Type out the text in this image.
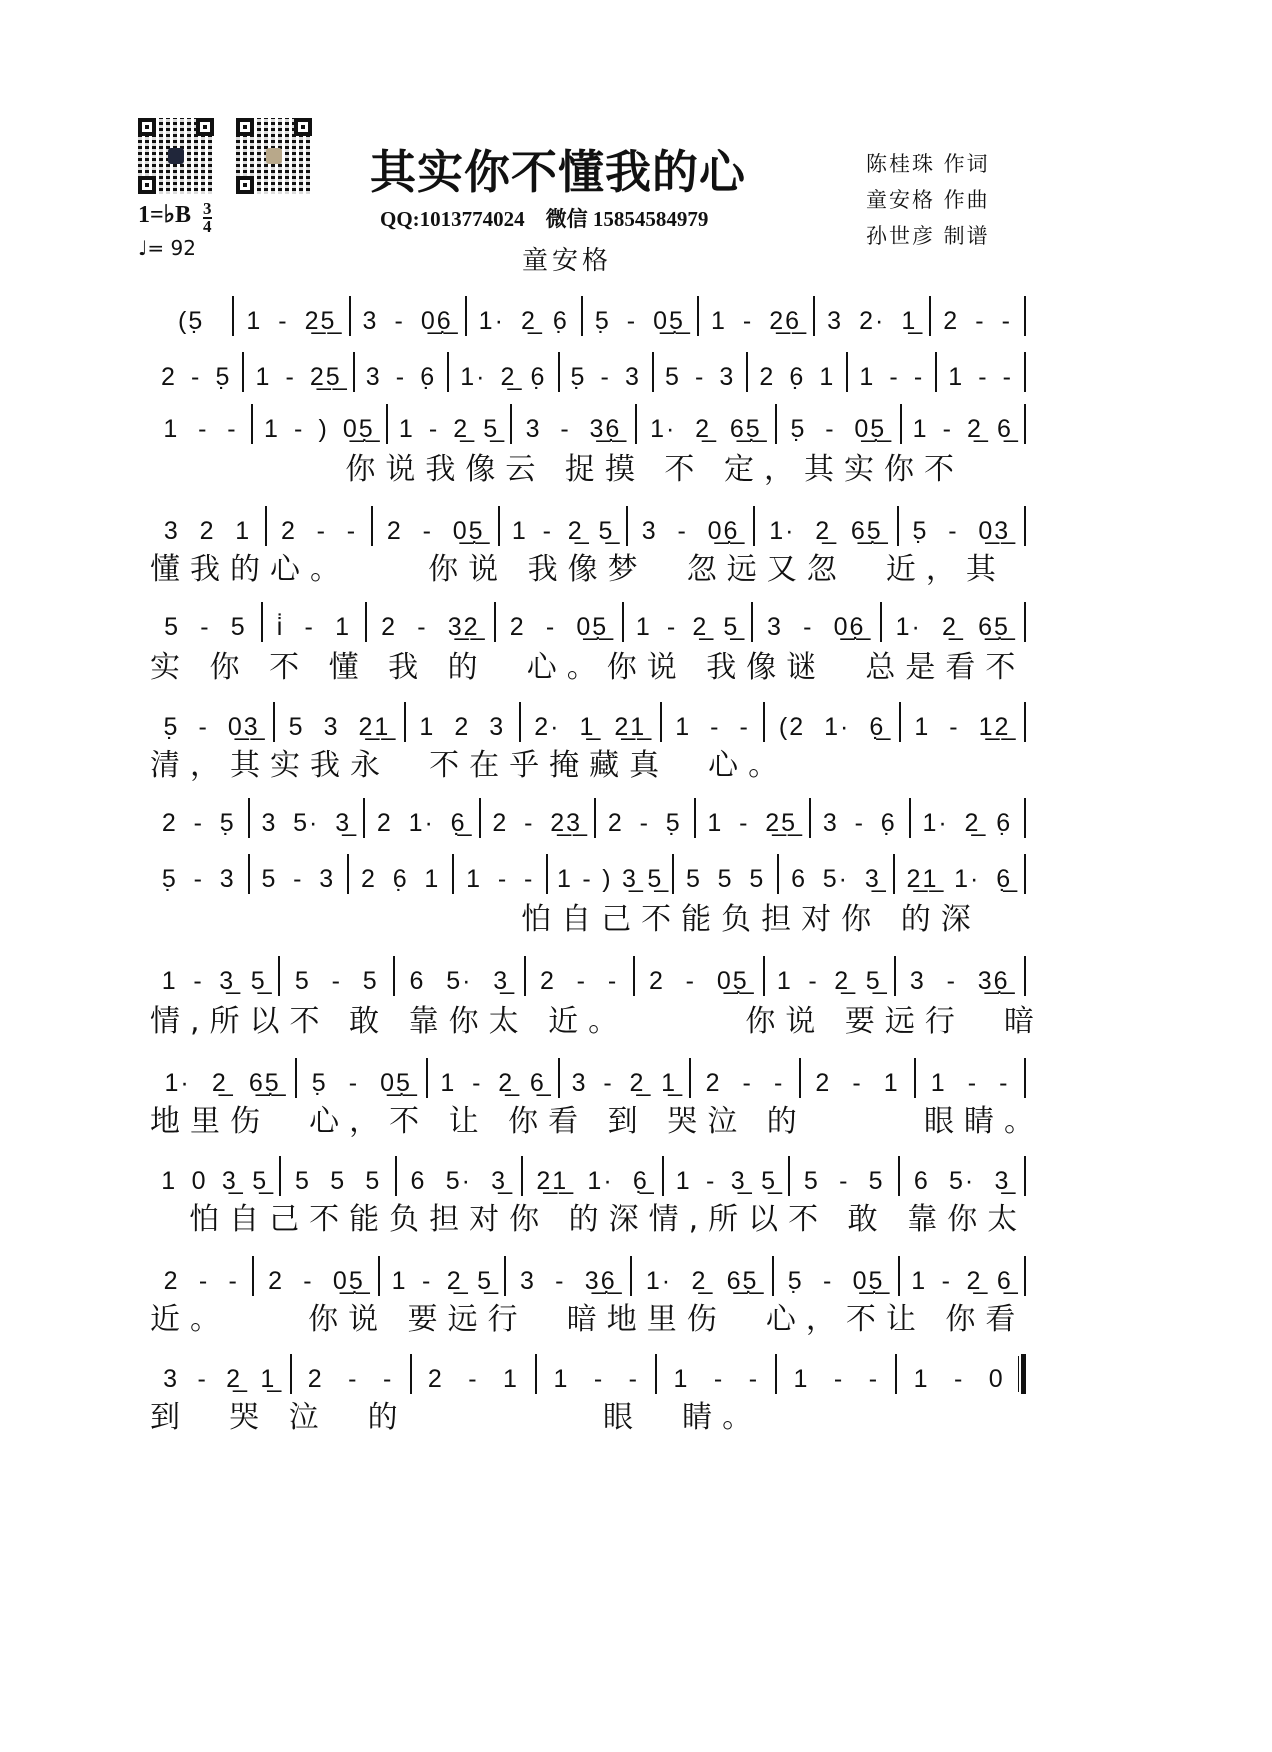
其实你不懂我的心
QQ:1013774024    微信 15854584979
童安格
陈桂珠 作词
童安格 作曲
孙世彦 制谱
1=♭B $\frac{3}{4}$
♩= 92
(5̣ 1 - 2̲5̲ 3 - 0̲6̲̣ 1· 2̲ 6̣ 5̣ - 0̲5̲̣ 1 - 2̲6̲ 3 2· 1̲ 2 - -
2 - 5̣ 1 - 2̲5̲ 3 - 6̣ 1· 2̲ 6̣ 5̣ - 3 5 - 3 2 6̣ 1 1 - - 1 - -
1 - - 1 - ) 0̲5̲̣ 1 - 2̲ 5̲ 3 - 3̲6̲̣ 1· 2̲ 6̲5̲̣̣ 5̣ - 0̲5̲̣ 1 - 2̲ 6̲
你说我像云 捉摸 不 定，其实你不
3 2 1 2 - - 2 - 0̲5̲̣ 1 - 2̲ 5̲ 3 - 0̲6̲̣ 1· 2̲ 6̲5̲̣̣ 5̣ - 0̲3̲
懂我的心。    你说 我像梦  忽远又忽  近，其
5 - 5 i̇ - 1 2 - 3̲2̲ 2 - 0̲5̲̣ 1 - 2̲ 5̲ 3 - 0̲6̲̣ 1· 2̲ 6̲5̲̣̣
实 你 不 懂 我 的  心。你说 我像谜  总是看不
5̣ - 0̲3̲ 5 3 2̲1̲ 1 2 3 2· 1̲ 2̲1̲ 1 - - (2 1· 6̣̲ 1 - 1̲2̲
清，其实我永  不在乎掩藏真  心。
2 - 5̣ 3 5· 3̲ 2 1· 6̣̲ 2 - 2̲3̲ 2 - 5̣ 1 - 2̲5̲ 3 - 6̣ 1· 2̲ 6̣
5̣ - 3 5 - 3 2 6̣ 1 1 - - 1 - ) 3̲ 5̲ 5 5 5 6 5· 3̲ 2̲1̲ 1· 6̣̲
怕自己不能负担对你 的深
1 - 3̲ 5̲ 5 - 5 6 5· 3̲ 2 - - 2 - 0̲5̲̣ 1 - 2̲ 5̲ 3 - 3̲6̲̣
情,所以不 敢 靠你太 近。      你说 要远行  暗
1· 2̲ 6̲5̲̣̣ 5̣ - 0̲5̲̣ 1 - 2̲ 6̲ 3 - 2̲ 1̲ 2 - - 2 - 1 1 - -
地里伤  心，不 让 你看 到 哭泣 的      眼睛。
1 0 3̲ 5̲ 5 5 5 6 5· 3̲ 2̲1̲ 1· 6̣̲ 1 - 3̲ 5̲ 5 - 5 6 5· 3̲
怕自己不能负担对你 的深情,所以不 敢 靠你太
2 - - 2 - 0̲5̲̣ 1 - 2̲ 5̲ 3 - 3̲6̲̣ 1· 2̲ 6̲5̲̣̣ 5̣ - 0̲5̲̣ 1 - 2̲ 6̲
近。    你说 要远行  暗地里伤  心，不让 你看
3 - 2̲ 1̲ 2 - - 2 - 1 1 - - 1 - - 1 - - 1 - 0
到  哭 泣  的          眼  睛。
